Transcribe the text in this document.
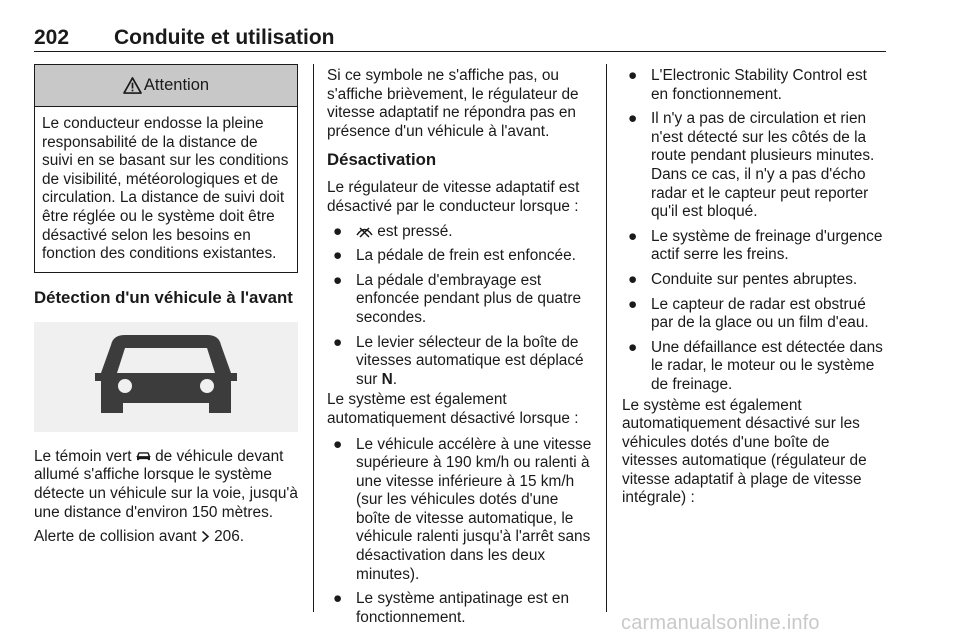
202 Conduite et utilisation
Attention
Le conducteur endosse la pleine responsabilité de la distance de suivi en se basant sur les conditions de visibilité, météorologiques et de circulation. La distance de suivi doit être réglée ou le système doit être désactivé selon les besoins en fonction des conditions existantes.
Détection d'un véhicule à l'avant

Le témoin vert de véhicule devant allumé s'affiche lorsque le système détecte un véhicule sur la voie, jusqu'à une distance d'environ 150 mètres.

Alerte de collision avant 206.

Si ce symbole ne s'affiche pas, ou s'affiche brièvement, le régulateur de vitesse adaptatif ne répondra pas en présence d'un véhicule à l'avant.

Désactivation

Le régulateur de vitesse adaptatif est désactivé par le conducteur lorsque :

● est pressé.
● La pédale de frein est enfoncée.
● La pédale d'embrayage est enfoncée pendant plus de quatre secondes.
● Le levier sélecteur de la boîte de vitesses automatique est déplacé sur N.

Le système est également automatiquement désactivé lorsque :

● Le véhicule accélère à une vitesse supérieure à 190 km/h ou ralenti à une vitesse inférieure à 15 km/h (sur les véhicules dotés d'une boîte de vitesse automatique, le véhicule ralenti jusqu'à l'arrêt sans désactivation dans les deux minutes).
● Le système antipatinage est en fonctionnement.
● L'Electronic Stability Control est en fonctionnement.
● Il n'y a pas de circulation et rien n'est détecté sur les côtés de la route pendant plusieurs minutes. Dans ce cas, il n'y a pas d'écho radar et le capteur peut reporter qu'il est bloqué.
● Le système de freinage d'urgence actif serre les freins.
● Conduite sur pentes abruptes.
● Le capteur de radar est obstrué par de la glace ou un film d'eau.
● Une défaillance est détectée dans le radar, le moteur ou le système de freinage.

Le système est également automatiquement désactivé sur les véhicules dotés d'une boîte de vitesses automatique (régulateur de vitesse adaptatif à plage de vitesse intégrale) :

carmanualsonline.info
